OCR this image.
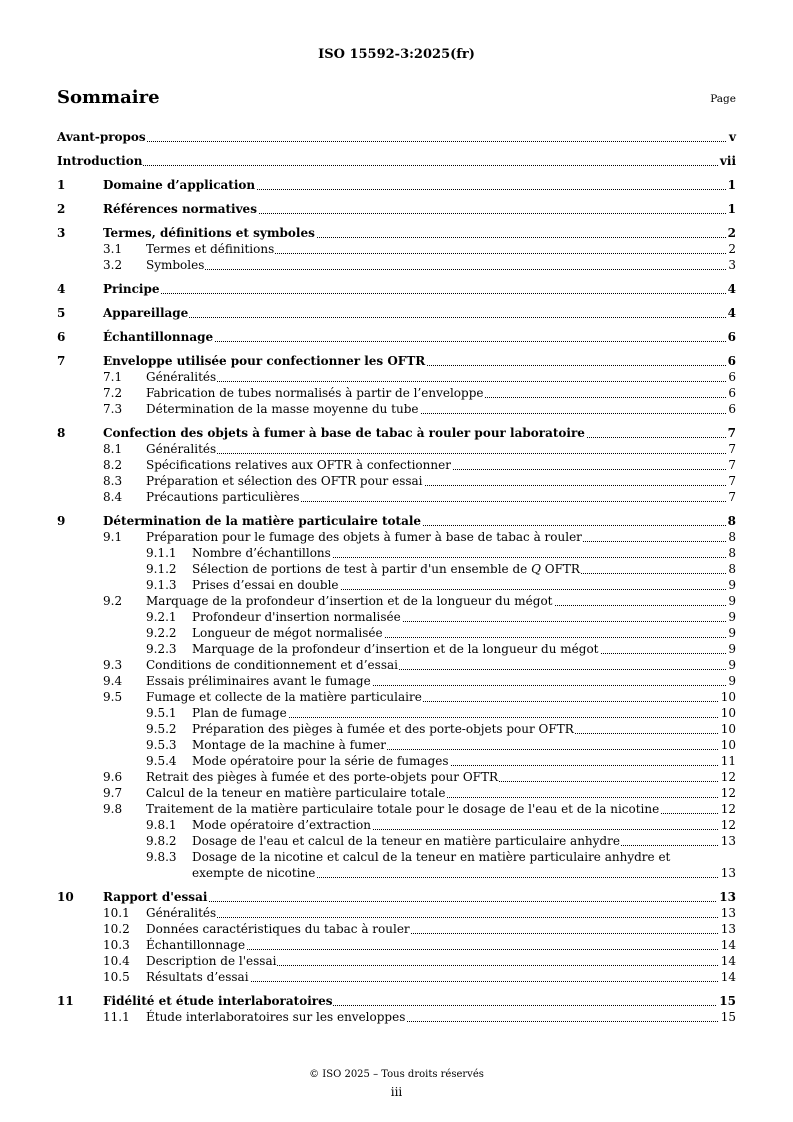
ISO 15592-3:2025(fr)
Sommaire	Page
Avant-propos	v
Introduction	vii
1	Domaine d’application	1
2	Références normatives	1
3	Termes, définitions et symboles	2
3.1 Termes et définitions	2
3.2 Symboles	3
4	Principe	4
5	Appareillage	4
6	Échantillonnage	6
7	Enveloppe utilisée pour confectionner les OFTR	6
7.1 Généralités	6
7.2 Fabrication de tubes normalisés à partir de l’enveloppe	6
7.3 Détermination de la masse moyenne du tube	6
8	Confection des objets à fumer à base de tabac à rouler pour laboratoire	7
8.1 Généralités	7
8.2 Spécifications relatives aux OFTR à confectionner	7
8.3 Préparation et sélection des OFTR pour essai	7
8.4 Précautions particulières	7
9	Détermination de la matière particulaire totale	8
9.1 Préparation pour le fumage des objets à fumer à base de tabac à rouler	8
9.1.1 Nombre d’échantillons	8
9.1.2 Sélection de portions de test à partir d'un ensemble de Q OFTR	8
9.1.3 Prises d’essai en double	9
9.2 Marquage de la profondeur d’insertion et de la longueur du mégot	9
9.2.1 Profondeur d'insertion normalisée	9
9.2.2 Longueur de mégot normalisée	9
9.2.3 Marquage de la profondeur d’insertion et de la longueur du mégot	9
9.3 Conditions de conditionnement et d’essai	9
9.4 Essais préliminaires avant le fumage	9
9.5 Fumage et collecte de la matière particulaire	10
9.5.1 Plan de fumage	10
9.5.2 Préparation des pièges à fumée et des porte-objets pour OFTR	10
9.5.3 Montage de la machine à fumer	10
9.5.4 Mode opératoire pour la série de fumages	11
9.6 Retrait des pièges à fumée et des porte-objets pour OFTR	12
9.7 Calcul de la teneur en matière particulaire totale	12
9.8 Traitement de la matière particulaire totale pour le dosage de l'eau et de la nicotine	12
9.8.1 Mode opératoire d’extraction	12
9.8.2 Dosage de l'eau et calcul de la teneur en matière particulaire anhydre	13
9.8.3 Dosage de la nicotine et calcul de la teneur en matière particulaire anhydre et
exempte de nicotine	13
10 Rapport d'essai	13
10.1 Généralités	13
10.2 Données caractéristiques du tabac à rouler	13
10.3 Échantillonnage	14
10.4 Description de l'essai	14
10.5 Résultats d’essai	14
11 Fidélité et étude interlaboratoires	15
11.1 Étude interlaboratoires sur les enveloppes	15
© ISO 2025 – Tous droits réservés
iii
